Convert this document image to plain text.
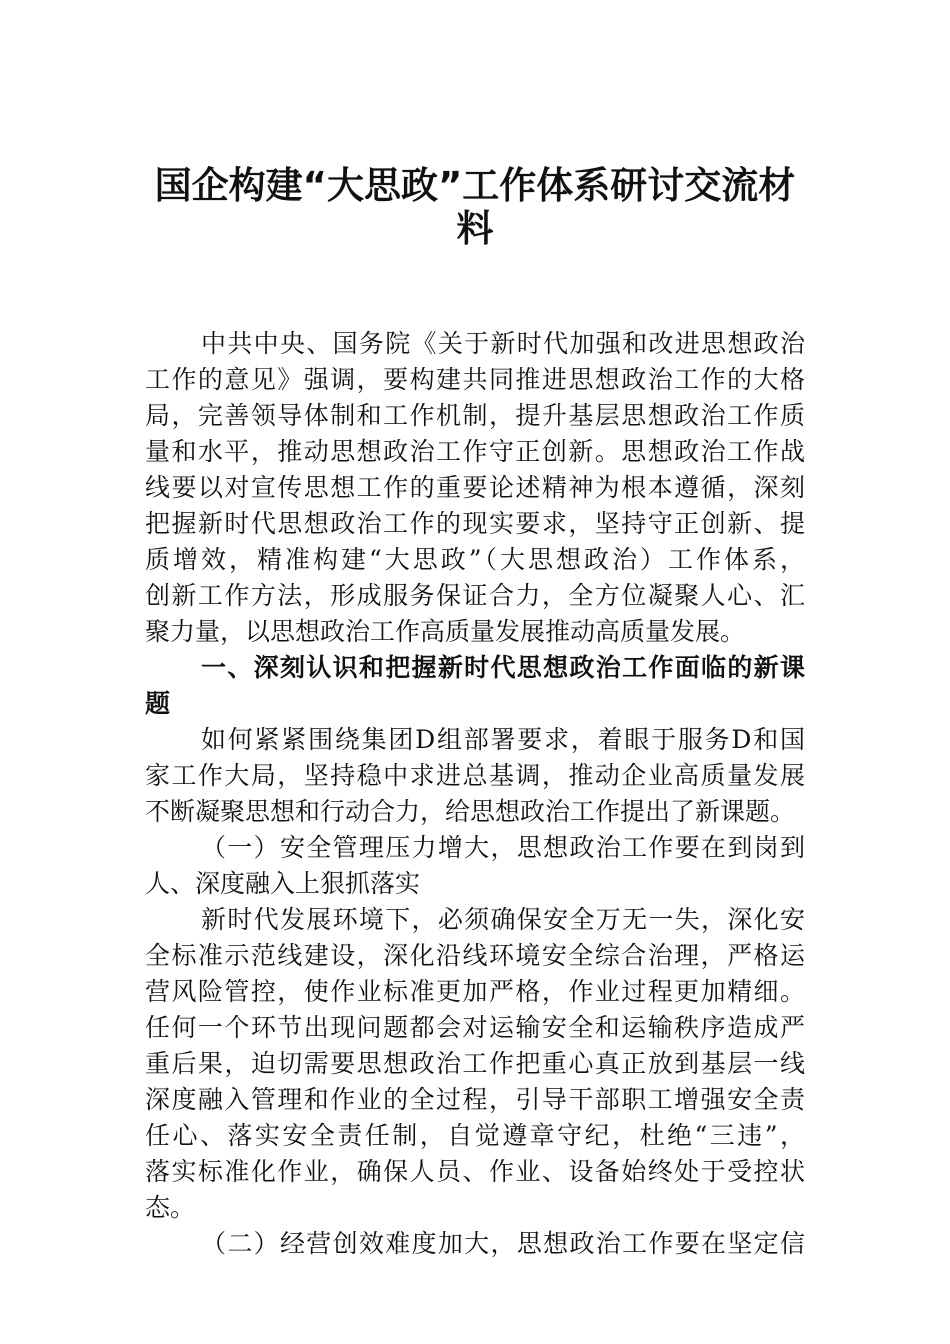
国企构建“大思政”工作体系研讨交流材
料
中共中央、国务院《关于新时代加强和改进思想政治
工作的意见》强调，要构建共同推进思想政治工作的大格
局，完善领导体制和工作机制，提升基层思想政治工作质
量和水平，推动思想政治工作守正创新。思想政治工作战
线要以对宣传思想工作的重要论述精神为根本遵循，深刻
把握新时代思想政治工作的现实要求，坚持守正创新、提
质增效，精准构建“大思政”（大思想政治）工作体系，
创新工作方法，形成服务保证合力，全方位凝聚人心、汇
聚力量，以思想政治工作高质量发展推动高质量发展。
一、深刻认识和把握新时代思想政治工作面临的新课
题
如何紧紧围绕集团D组部署要求，着眼于服务D和国
家工作大局，坚持稳中求进总基调，推动企业高质量发展
不断凝聚思想和行动合力，给思想政治工作提出了新课题。
（一）安全管理压力增大，思想政治工作要在到岗到
人、深度融入上狠抓落实
新时代发展环境下，必须确保安全万无一失，深化安
全标准示范线建设，深化沿线环境安全综合治理，严格运
营风险管控，使作业标准更加严格，作业过程更加精细。
任何一个环节出现问题都会对运输安全和运输秩序造成严
重后果，迫切需要思想政治工作把重心真正放到基层一线
深度融入管理和作业的全过程，引导干部职工增强安全责
任心、落实安全责任制，自觉遵章守纪，杜绝“三违”，
落实标准化作业，确保人员、作业、设备始终处于受控状
态。
（二）经营创效难度加大，思想政治工作要在坚定信
